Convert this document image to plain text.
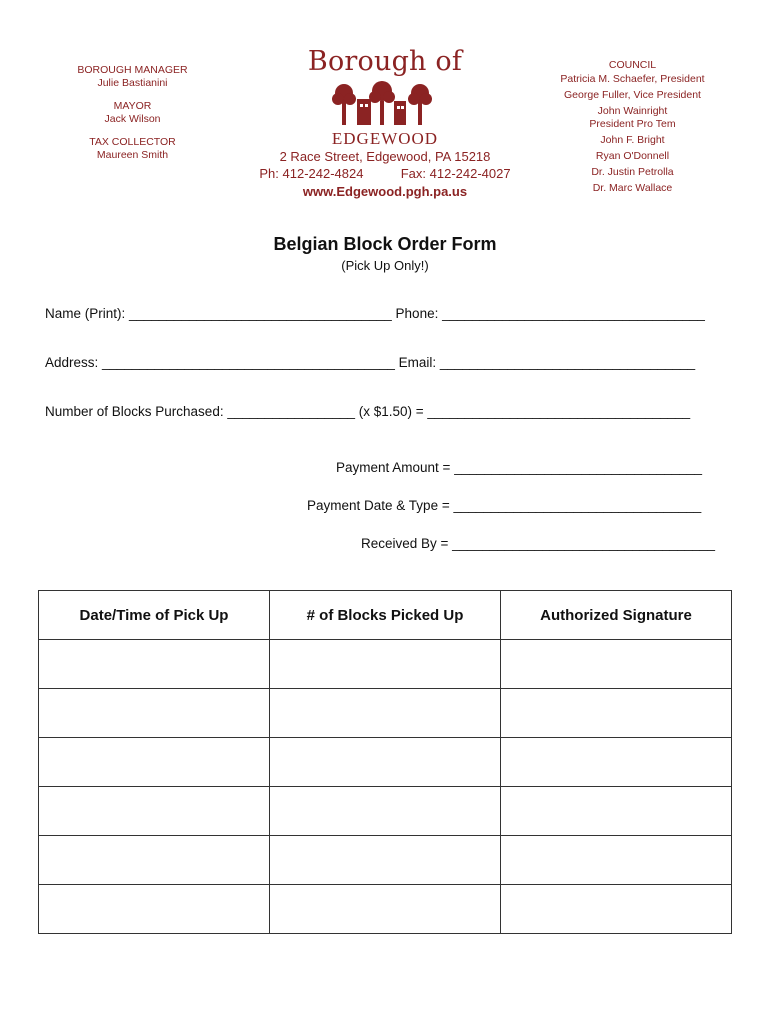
BOROUGH MANAGER
Julie Bastianini
MAYOR
Jack Wilson
TAX COLLECTOR
Maureen Smith
Borough of
EDGEWOOD
2 Race Street, Edgewood, PA 15218
Ph: 412-242-4824	Fax: 412-242-4027
www.Edgewood.pgh.pa.us
COUNCIL
Patricia M. Schaefer, President
George Fuller, Vice President
John Wainright
President Pro Tem
John F. Bright
Ryan O'Donnell
Dr. Justin Petrolla
Dr. Marc Wallace
Belgian Block Order Form
(Pick Up Only!)
Name (Print): ___________________________________ Phone: ___________________________________
Address: _______________________________________ Email: __________________________________
Number of Blocks Purchased: _________________ (x $1.50) = ___________________________________
Payment Amount = _________________________________
Payment Date & Type = _________________________________
Received By = ___________________________________
Date/Time of Pick Up	# of Blocks Picked Up	Authorized Signature
